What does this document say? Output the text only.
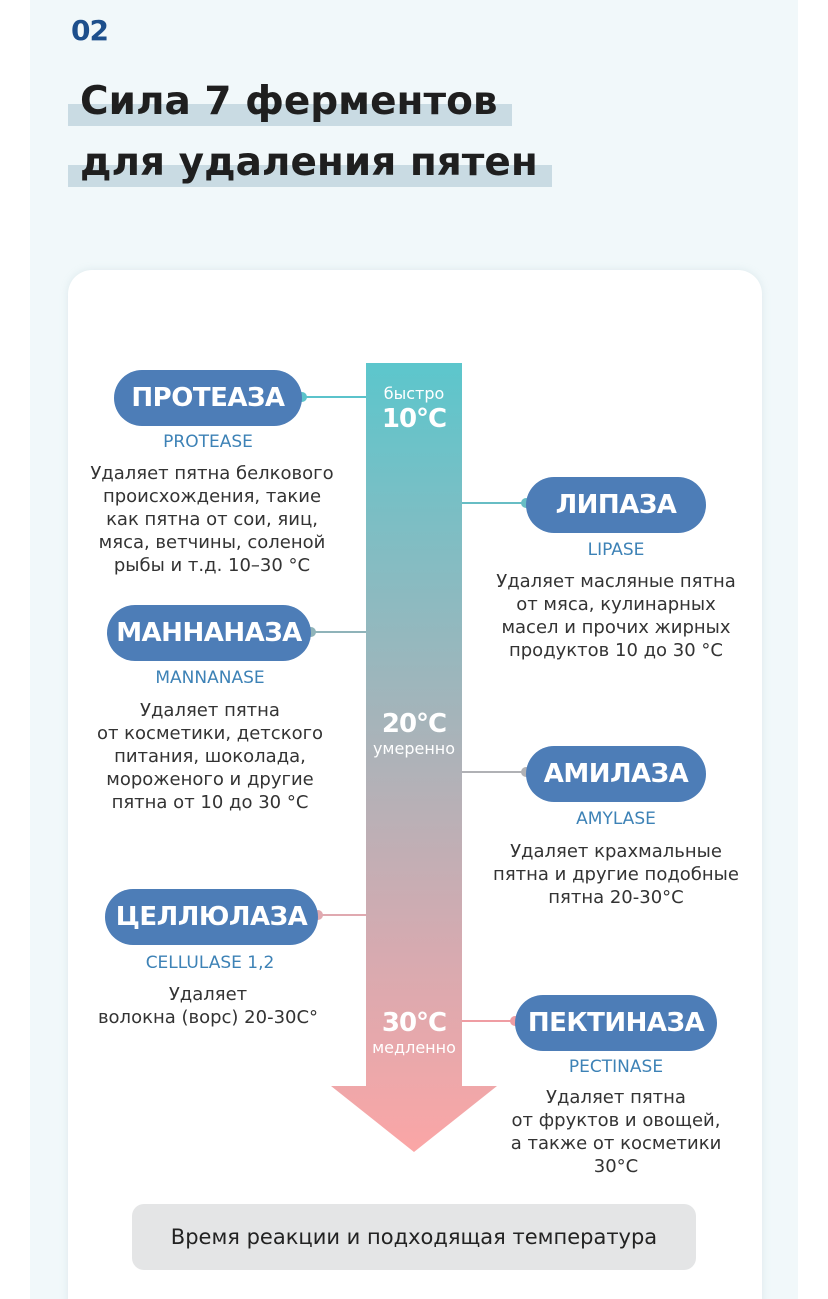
02
Сила 7 ферментов
для удаления пятен
быстро
10°C
20°C
умеренно
30°C
медленно
ПРОТЕАЗА
PROTEASE
Удаляет пятна белкового
происхождения, такие
как пятна от сои, яиц,
мяса, ветчины, соленой
рыбы и т.д. 10–30 °C
ЛИПАЗА
LIPASE
Удаляет масляные пятна
от мяса, кулинарных
масел и прочих жирных
продуктов 10 до 30 °C
МАННАНАЗА
MANNANASE
Удаляет пятна
от косметики, детского
питания, шоколада,
мороженого и другие
пятна от 10 до 30 °C
АМИЛАЗА
AMYLASE
Удаляет крахмальные
пятна и другие подобные
пятна 20-30°C
ЦЕЛЛЮЛАЗА
CELLULASE 1,2
Удаляет
волокна (ворс) 20-30C°	ПЕКТИНАЗА
PECTINASE
Удаляет пятна
от фруктов и овощей,
а также от косметики
30°C
Время реакции и подходящая температура
